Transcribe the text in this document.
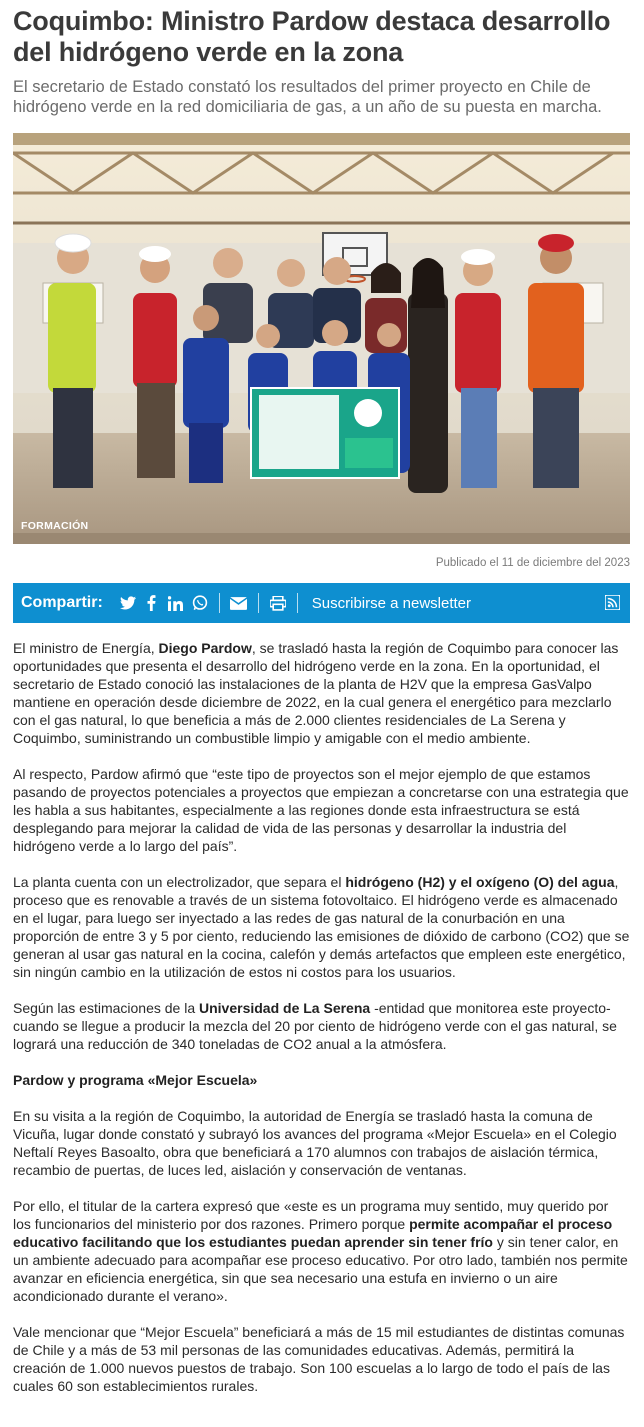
Coquimbo: Ministro Pardow destaca desarrollo del hidrógeno verde en la zona
El secretario de Estado constató los resultados del primer proyecto en Chile de hidrógeno verde en la red domiciliaria de gas, a un año de su puesta en marcha.
FORMACIÓN
Publicado el 11 de diciembre del 2023
Compartir:	Suscribirse a newsletter

El ministro de Energía, Diego Pardow, se trasladó hasta la región de Coquimbo para conocer las oportunidades que presenta el desarrollo del hidrógeno verde en la zona. En la oportunidad, el secretario de Estado conoció las instalaciones de la planta de H2V que la empresa GasValpo mantiene en operación desde diciembre de 2022, en la cual genera el energético para mezclarlo con el gas natural, lo que beneficia a más de 2.000 clientes residenciales de La Serena y Coquimbo, suministrando un combustible limpio y amigable con el medio ambiente.

Al respecto, Pardow afirmó que “este tipo de proyectos son el mejor ejemplo de que estamos pasando de proyectos potenciales a proyectos que empiezan a concretarse con una estrategia que les habla a sus habitantes, especialmente a las regiones donde esta infraestructura se está desplegando para mejorar la calidad de vida de las personas y desarrollar la industria del hidrógeno verde a lo largo del país”.

La planta cuenta con un electrolizador, que separa el hidrógeno (H2) y el oxígeno (O) del agua, proceso que es renovable a través de un sistema fotovoltaico. El hidrógeno verde es almacenado en el lugar, para luego ser inyectado a las redes de gas natural de la conurbación en una proporción de entre 3 y 5 por ciento, reduciendo las emisiones de dióxido de carbono (CO2) que se generan al usar gas natural en la cocina, calefón y demás artefactos que empleen este energético, sin ningún cambio en la utilización de estos ni costos para los usuarios.

Según las estimaciones de la Universidad de La Serena -entidad que monitorea este proyecto- cuando se llegue a producir la mezcla del 20 por ciento de hidrógeno verde con el gas natural, se logrará una reducción de 340 toneladas de CO2 anual a la atmósfera.

Pardow y programa «Mejor Escuela»

En su visita a la región de Coquimbo, la autoridad de Energía se trasladó hasta la comuna de Vicuña, lugar donde constató y subrayó los avances del programa «Mejor Escuela» en el Colegio Neftalí Reyes Basoalto, obra que beneficiará a 170 alumnos con trabajos de aislación térmica, recambio de puertas, de luces led, aislación y conservación de ventanas.

Por ello, el titular de la cartera expresó que «este es un programa muy sentido, muy querido por los funcionarios del ministerio por dos razones. Primero porque permite acompañar el proceso educativo facilitando que los estudiantes puedan aprender sin tener frío y sin tener calor, en un ambiente adecuado para acompañar ese proceso educativo. Por otro lado, también nos permite avanzar en eficiencia energética, sin que sea necesario una estufa en invierno o un aire acondicionado durante el verano».

Vale mencionar que “Mejor Escuela” beneficiará a más de 15 mil estudiantes de distintas comunas de Chile y a más de 53 mil personas de las comunidades educativas. Además, permitirá la creación de 1.000 nuevos puestos de trabajo. Son 100 escuelas a lo largo de todo el país de las cuales 60 son establecimientos rurales.
